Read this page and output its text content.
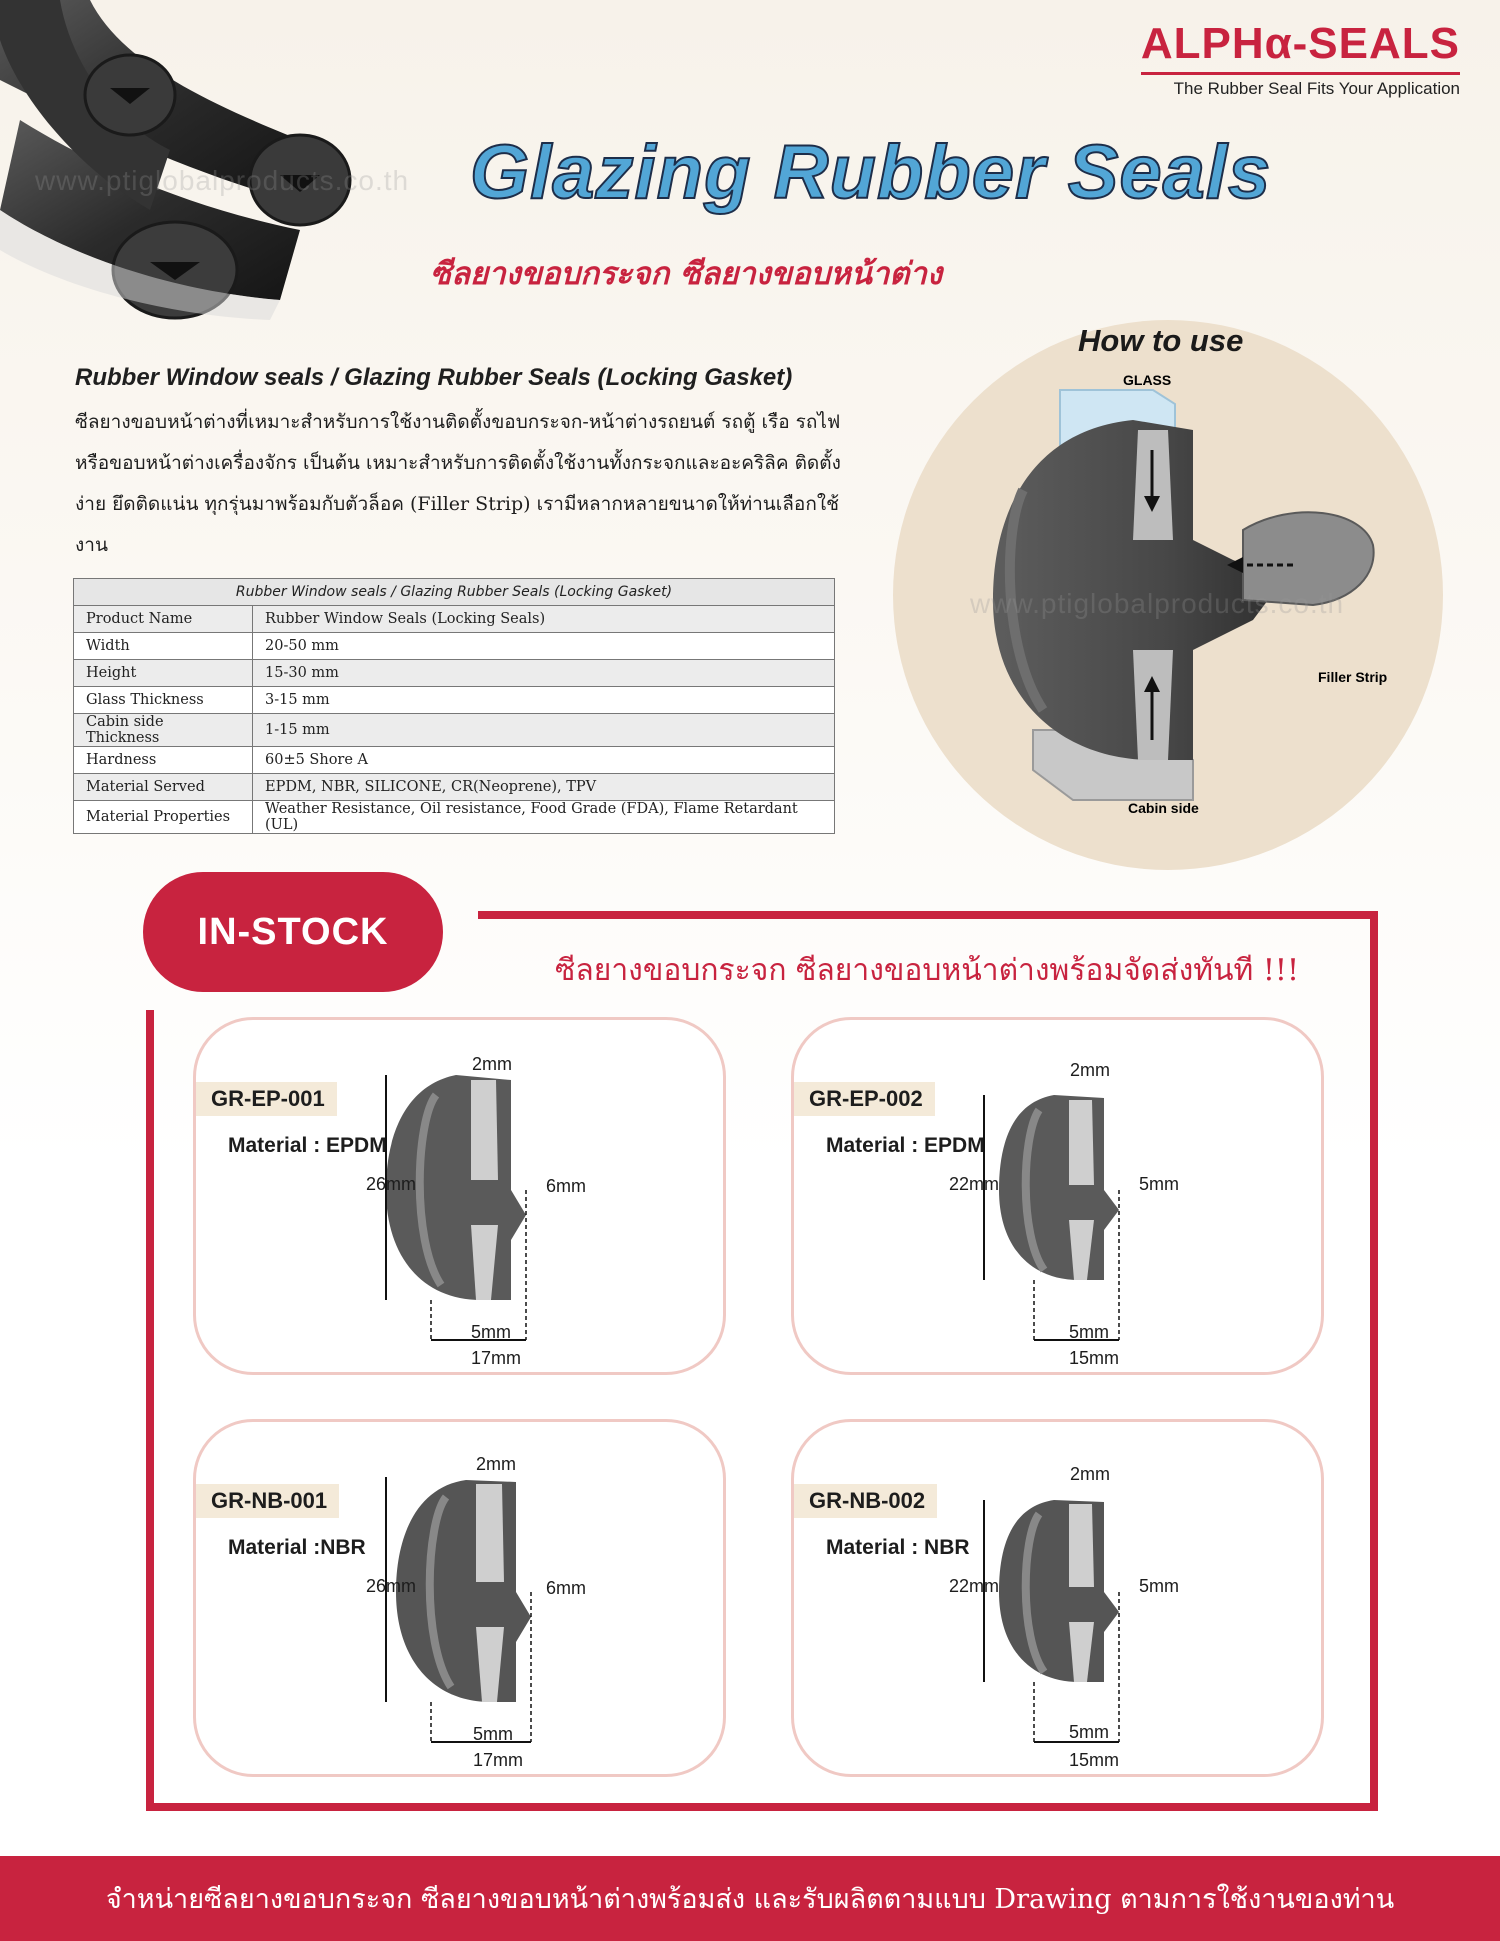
ALPHα-SEALS
The Rubber Seal Fits Your Application
Glazing Rubber Seals
ซีลยางขอบกระจก ซีลยางขอบหน้าต่าง
www.ptiglobalproducts.co.th
Rubber Window seals / Glazing Rubber Seals (Locking Gasket)
ซีลยางขอบหน้าต่างที่เหมาะสำหรับการใช้งานติดตั้งขอบกระจก-หน้าต่างรถยนต์ รถตู้ เรือ รถไฟ หรือขอบหน้าต่างเครื่องจักร เป็นต้น เหมาะสำหรับการติดตั้งใช้งานทั้งกระจกและอะคริลิค ติดตั้งง่าย ยึดติดแน่น ทุกรุ่นมาพร้อมกับตัวล็อค (Filler Strip) เรามีหลากหลายขนาดให้ท่านเลือกใช้งาน
Rubber Window seals / Glazing Rubber Seals (Locking Gasket)	
Product Name	Rubber Window Seals (Locking Seals)
Width	20-50 mm
Height	15-30 mm
Glass Thickness	3-15 mm
Cabin side Thickness	1-15 mm
Hardness	60±5 Shore A
Material Served	EPDM, NBR, SILICONE, CR(Neoprene), TPV
Material Properties	Weather Resistance, Oil resistance, Food Grade (FDA), Flame Retardant (UL)
GLASS
Filler Strip
Cabin side
How to use
www.ptiglobalproducts.co.th
IN-STOCK
ซีลยางขอบกระจก ซีลยางขอบหน้าต่างพร้อมจัดส่งทันที !!!
GR-EP-001
Material : EPDM
2mm
26mm	6mm
5mm
17mm
GR-EP-002
Material : EPDM
2mm
22mm	5mm
5mm
15mm
GR-NB-001
Material :NBR
2mm
26mm	6mm
5mm
17mm
GR-NB-002
Material : NBR
2mm
22mm	5mm
5mm
15mm
จำหน่ายซีลยางขอบกระจก ซีลยางขอบหน้าต่างพร้อมส่ง และรับผลิตตามแบบ Drawing ตามการใช้งานของท่าน
